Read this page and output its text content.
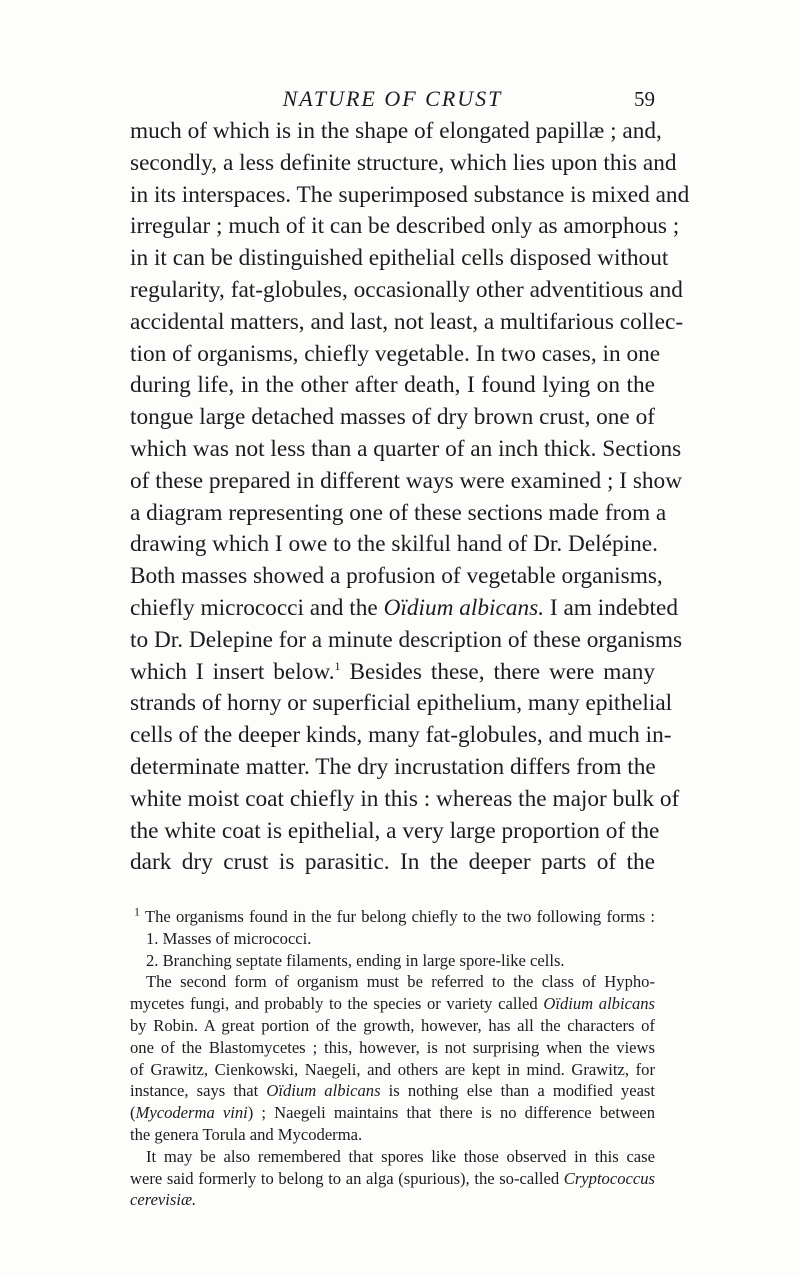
NATURE OF CRUST	59
much of which is in the shape of elongated papillæ ; and,
secondly, a less definite structure, which lies upon this and
in its interspaces. The superimposed substance is mixed and
irregular ; much of it can be described only as amorphous ;
in it can be distinguished epithelial cells disposed without
regularity, fat-globules, occasionally other adventitious and
accidental matters, and last, not least, a multifarious collec-
tion of organisms, chiefly vegetable. In two cases, in one
during life, in the other after death, I found lying on the
tongue large detached masses of dry brown crust, one of
which was not less than a quarter of an inch thick. Sections
of these prepared in different ways were examined ; I show
a diagram representing one of these sections made from a
drawing which I owe to the skilful hand of Dr. Delépine.
Both masses showed a profusion of vegetable organisms,
chiefly micrococci and the Oïdium albicans. I am indebted
to Dr. Delepine for a minute description of these organisms
which I insert below.$^1$ Besides these, there were many
strands of horny or superficial epithelium, many epithelial
cells of the deeper kinds, many fat-globules, and much in-
determinate matter. The dry incrustation differs from the
white moist coat chiefly in this : whereas the major bulk of
the white coat is epithelial, a very large proportion of the
dark dry crust is parasitic. In the deeper parts of the
$^1$ The organisms found in the fur belong chiefly to the two following forms :
1. Masses of micrococci.
2. Branching septate filaments, ending in large spore-like cells.
The second form of organism must be referred to the class of Hypho-
mycetes fungi, and probably to the species or variety called Oïdium albicans
by Robin. A great portion of the growth, however, has all the characters of
one of the Blastomycetes ; this, however, is not surprising when the views
of Grawitz, Cienkowski, Naegeli, and others are kept in mind. Grawitz, for
instance, says that Oïdium albicans is nothing else than a modified yeast
(Mycoderma vini) ; Naegeli maintains that there is no difference between
the genera Torula and Mycoderma.
It may be also remembered that spores like those observed in this case
were said formerly to belong to an alga (spurious), the so-called Cryptococcus
cerevisiæ.
